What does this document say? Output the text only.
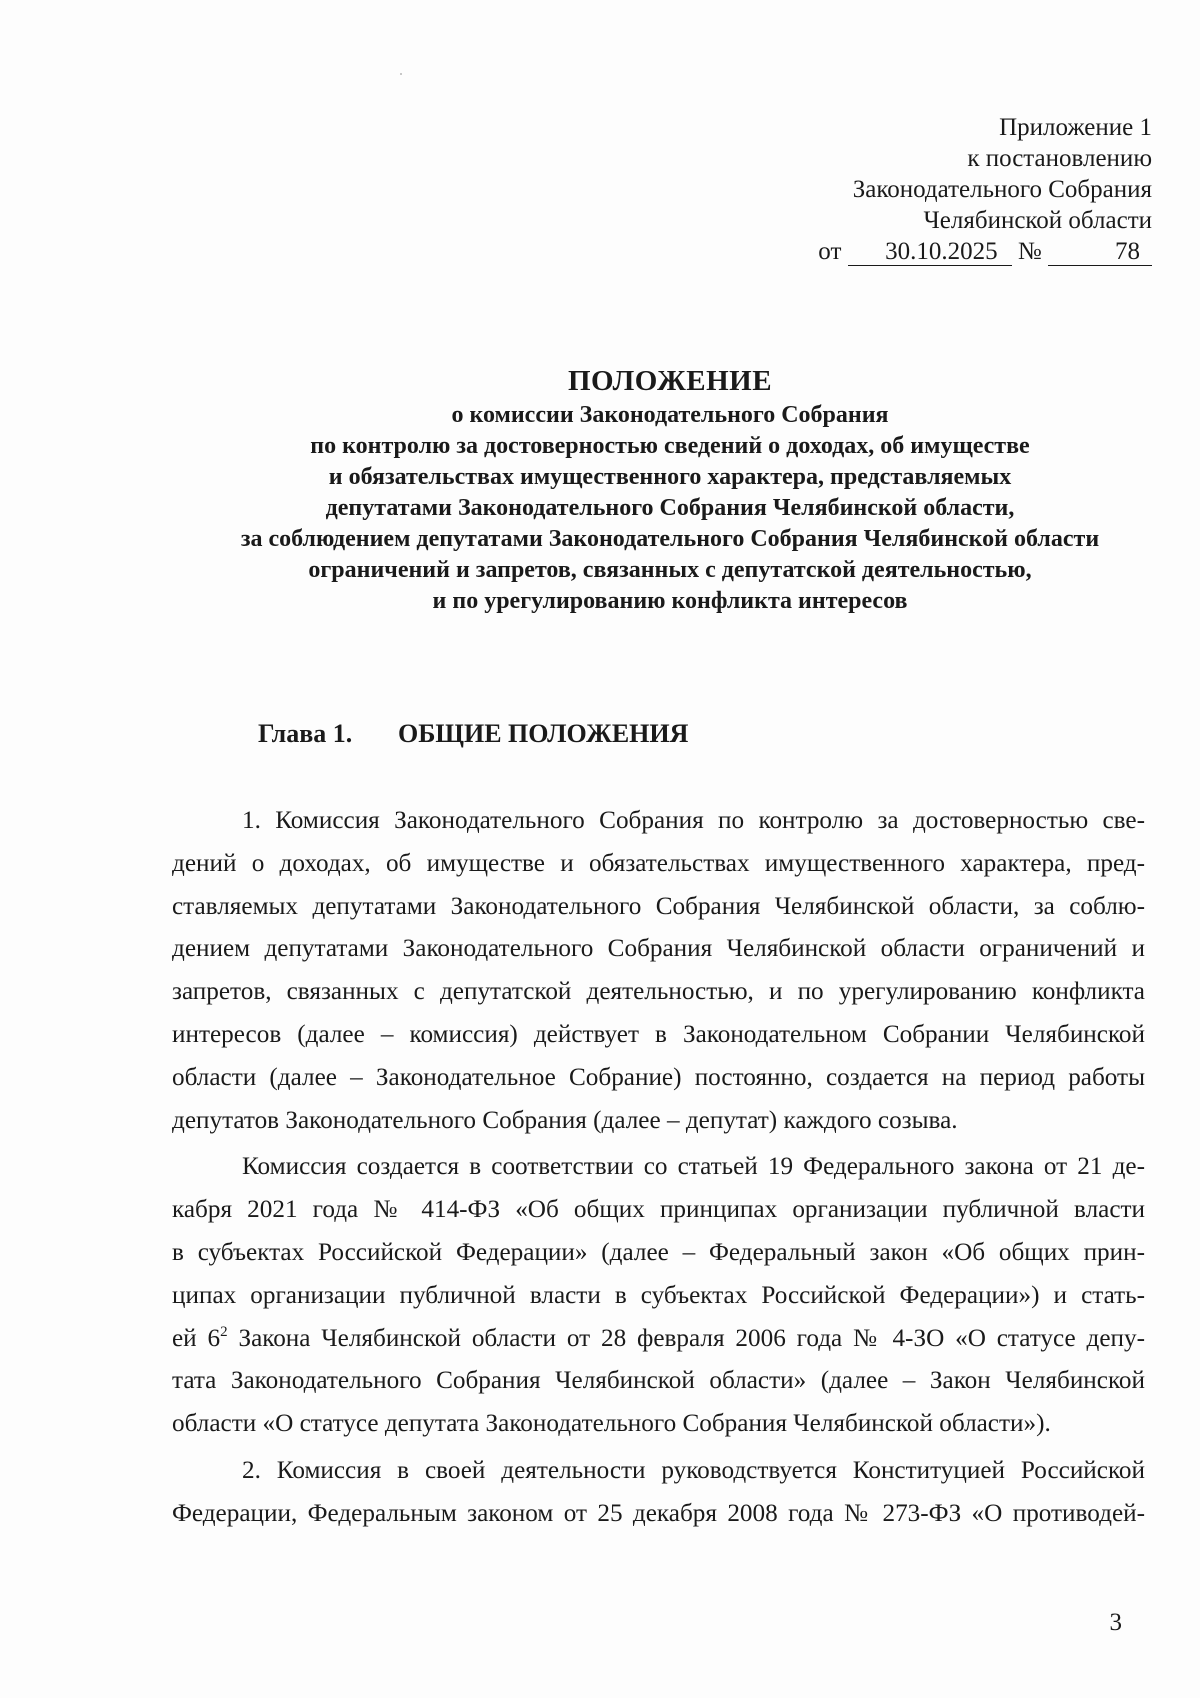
Приложение 1
к постановлению
Законодательного Собрания
Челябинской области
от 30.10.2025 №	78
ПОЛОЖЕНИЕ
о комиссии Законодательного Собрания
по контролю за достоверностью сведений о доходах, об имуществе
и обязательствах имущественного характера, представляемых
депутатами Законодательного Собрания Челябинской области,
за соблюдением депутатами Законодательного Собрания Челябинской области
ограничений и запретов, связанных с депутатской деятельностью,
и по урегулированию конфликта интересов
Глава 1. ОБЩИЕ ПОЛОЖЕНИЯ
1. Комиссия Законодательного Собрания по контролю за достоверностью све-
дений о доходах, об имуществе и обязательствах имущественного характера, пред-
ставляемых депутатами Законодательного Собрания Челябинской области, за соблю-
дением депутатами Законодательного Собрания Челябинской области ограничений и
запретов, связанных с депутатской деятельностью, и по урегулированию конфликта
интересов (далее – комиссия) действует в Законодательном Собрании Челябинской
области (далее – Законодательное Собрание) постоянно, создается на период работы
депутатов Законодательного Собрания (далее – депутат) каждого созыва.
Комиссия создается в соответствии со статьей 19 Федерального закона от 21 де-
кабря 2021 года № 414-ФЗ «Об общих принципах организации публичной власти
в субъектах Российской Федерации» (далее – Федеральный закон «Об общих прин-
ципах организации публичной власти в субъектах Российской Федерации») и стать-
ей $6^2$ Закона Челябинской области от 28 февраля 2006 года № 4-ЗО «О статусе депу-
тата Законодательного Собрания Челябинской области» (далее – Закон Челябинской
области «О статусе депутата Законодательного Собрания Челябинской области»).
2. Комиссия в своей деятельности руководствуется Конституцией Российской
Федерации, Федеральным законом от 25 декабря 2008 года № 273-ФЗ «О противодей-
3
